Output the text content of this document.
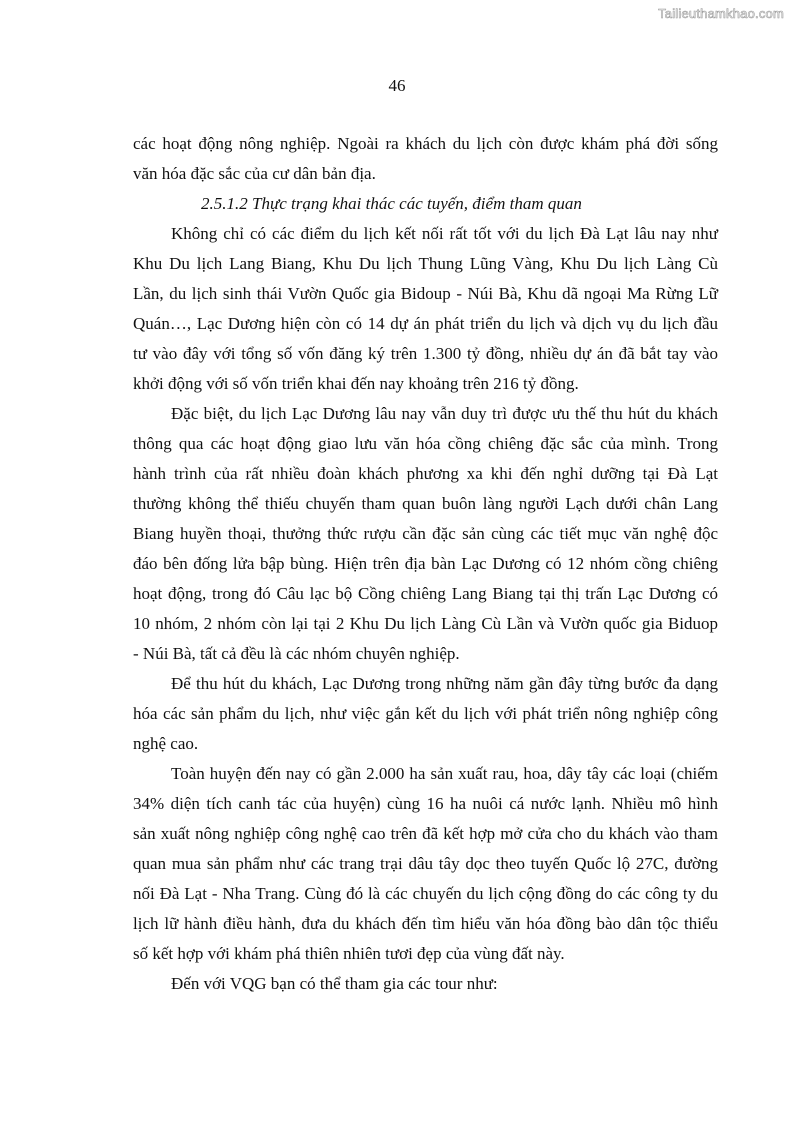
Tailieuthamkhao.com
46
các hoạt động nông nghiệp. Ngoài ra khách du lịch còn được khám phá đời sống
văn hóa đặc sắc của cư dân bản địa.
2.5.1.2 Thực trạng khai thác các tuyến, điểm tham quan
Không chỉ có các điểm du lịch kết nối rất tốt với du lịch Đà Lạt lâu nay như
Khu Du lịch Lang Biang, Khu Du lịch Thung Lũng Vàng, Khu Du lịch Làng Cù
Lần, du lịch sinh thái Vườn Quốc gia Bidoup - Núi Bà, Khu dã ngoại Ma Rừng Lữ
Quán…, Lạc Dương hiện còn có 14 dự án phát triển du lịch và dịch vụ du lịch đầu
tư vào đây với tổng số vốn đăng ký trên 1.300 tỷ đồng, nhiều dự án đã bắt tay vào
khởi động với số vốn triển khai đến nay khoảng trên 216 tỷ đồng.
Đặc biệt, du lịch Lạc Dương lâu nay vẫn duy trì được ưu thế thu hút du khách
thông qua các hoạt động giao lưu văn hóa cồng chiêng đặc sắc của mình. Trong
hành trình của rất nhiều đoàn khách phương xa khi đến nghỉ dưỡng tại Đà Lạt
thường không thể thiếu chuyến tham quan buôn làng người Lạch dưới chân Lang
Biang huyền thoại, thưởng thức rượu cần đặc sản cùng các tiết mục văn nghệ độc
đáo bên đống lửa bập bùng. Hiện trên địa bàn Lạc Dương có 12 nhóm cồng chiêng
hoạt động, trong đó Câu lạc bộ Cồng chiêng Lang Biang tại thị trấn Lạc Dương có
10 nhóm, 2 nhóm còn lại tại 2 Khu Du lịch Làng Cù Lần và Vườn quốc gia Biduop
- Núi Bà, tất cả đều là các nhóm chuyên nghiệp.
Để thu hút du khách, Lạc Dương trong những năm gần đây từng bước đa dạng
hóa các sản phẩm du lịch, như việc gắn kết du lịch với phát triển nông nghiệp công
nghệ cao.
Toàn huyện đến nay có gần 2.000 ha sản xuất rau, hoa, dây tây các loại (chiếm
34% diện tích canh tác của huyện) cùng 16 ha nuôi cá nước lạnh. Nhiều mô hình
sản xuất nông nghiệp công nghệ cao trên đã kết hợp mở cửa cho du khách vào tham
quan mua sản phẩm như các trang trại dâu tây dọc theo tuyến Quốc lộ 27C, đường
nối Đà Lạt - Nha Trang. Cùng đó là các chuyến du lịch cộng đồng do các công ty du
lịch lữ hành điều hành, đưa du khách đến tìm hiểu văn hóa đồng bào dân tộc thiểu
số kết hợp với khám phá thiên nhiên tươi đẹp của vùng đất này.
Đến với VQG bạn có thể tham gia các tour như:
